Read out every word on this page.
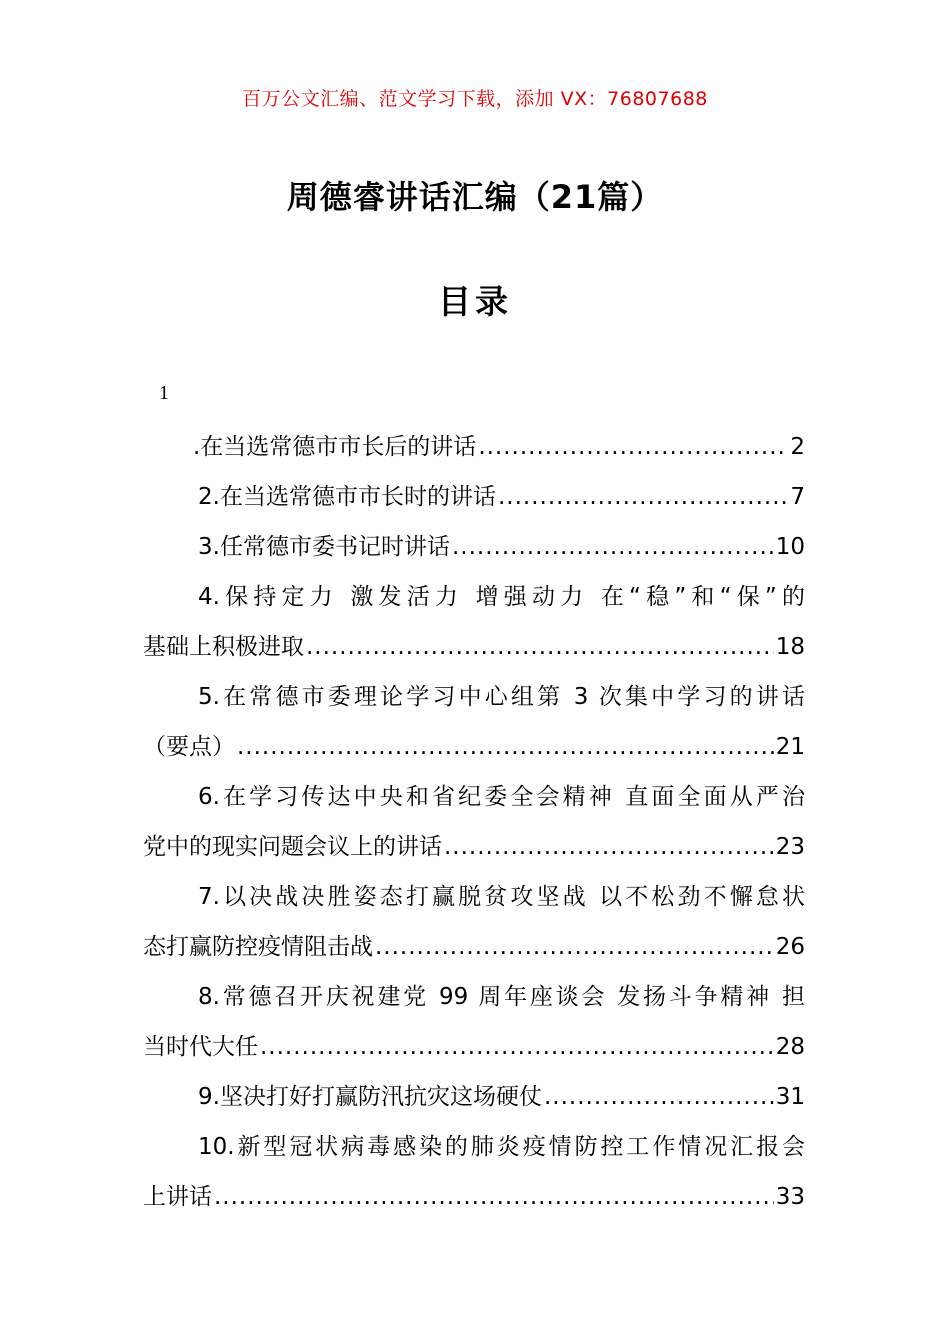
百万公文汇编、范文学习下载，添加 VX：76807688
周德睿讲话汇编（21篇）
目录
1
.在当选常德市市长后的讲话 .....	2
2.在当选常德市市长时的讲话 .....	7
3.任常德市委书记时讲话 .....	10
4.保持定力 激发活力 增强动力 在“稳”和“保”的
基础上积极进取 .....	18
5.在常德市委理论学习中心组第 3 次集中学习的讲话
（要点） .....	21
6.在学习传达中央和省纪委全会精神 直面全面从严治
党中的现实问题会议上的讲话 .....	23
7.以决战决胜姿态打赢脱贫攻坚战 以不松劲不懈怠状
态打赢防控疫情阻击战 .....	26
8.常德召开庆祝建党 99 周年座谈会 发扬斗争精神 担
当时代大任 .....	28
9.坚决打好打赢防汛抗灾这场硬仗 .....	31
10.新型冠状病毒感染的肺炎疫情防控工作情况汇报会
上讲话 .....	33
